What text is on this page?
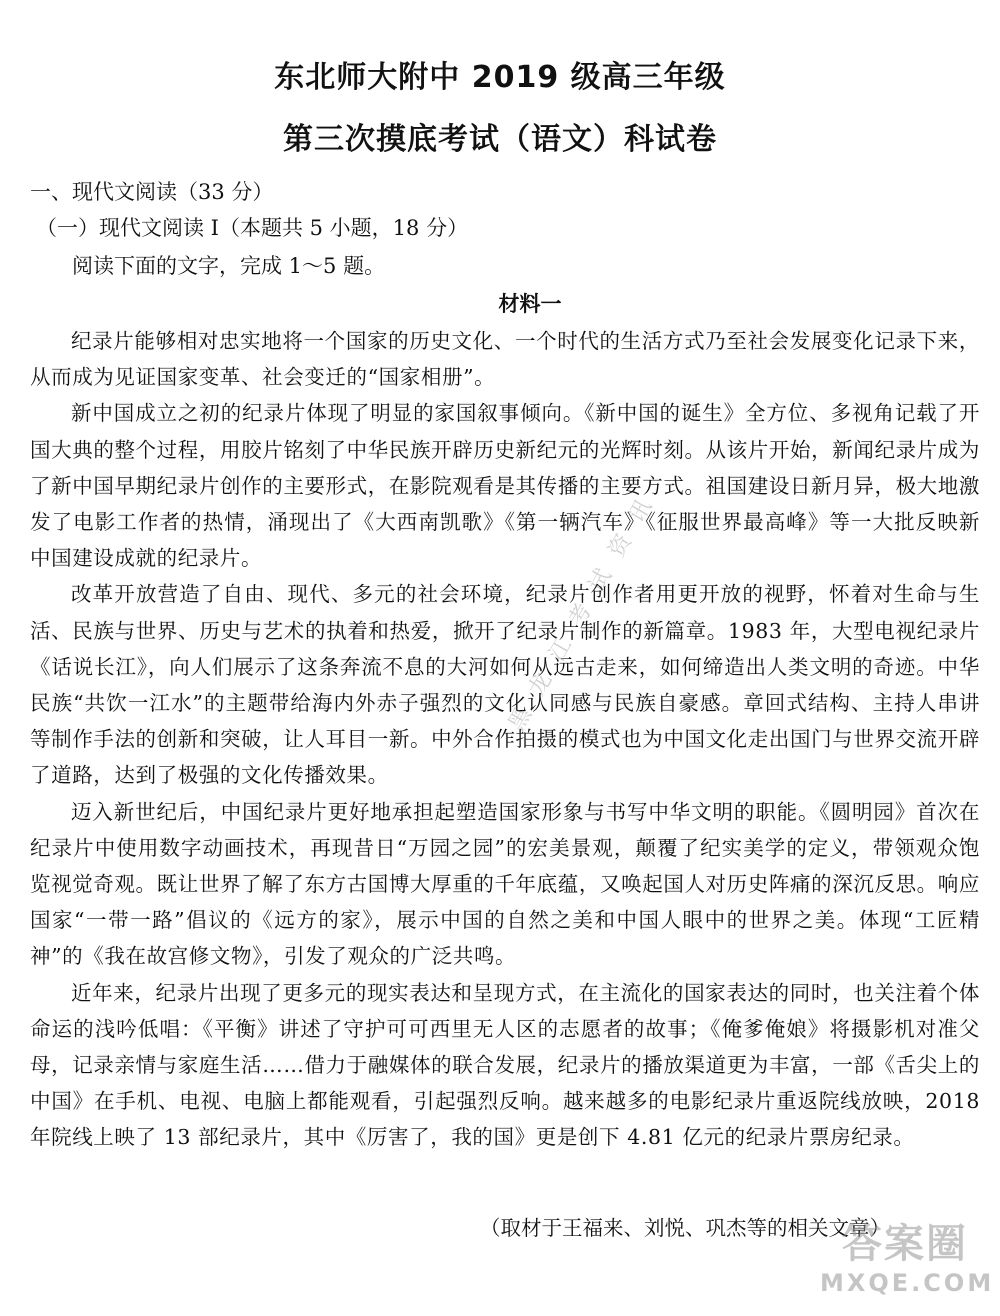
东北师大附中 2019 级高三年级
第三次摸底考试（语文）科试卷
一、现代文阅读（33 分）
（一）现代文阅读 I（本题共 5 小题，18 分）
阅读下面的文字，完成 1～5 题。
材料一

纪录片能够相对忠实地将一个国家的历史文化、一个时代的生活方式乃至社会发展变化记录下来，从而成为见证国家变革、社会变迁的“国家相册”。

新中国成立之初的纪录片体现了明显的家国叙事倾向。《新中国的诞生》全方位、多视角记载了开国大典的整个过程，用胶片铭刻了中华民族开辟历史新纪元的光辉时刻。从该片开始，新闻纪录片成为了新中国早期纪录片创作的主要形式，在影院观看是其传播的主要方式。祖国建设日新月异，极大地激发了电影工作者的热情，涌现出了《大西南凯歌》《第一辆汽车》《征服世界最高峰》等一大批反映新中国建设成就的纪录片。

改革开放营造了自由、现代、多元的社会环境，纪录片创作者用更开放的视野，怀着对生命与生活、民族与世界、历史与艺术的执着和热爱，掀开了纪录片制作的新篇章。1983 年，大型电视纪录片《话说长江》，向人们展示了这条奔流不息的大河如何从远古走来，如何缔造出人类文明的奇迹。中华民族“共饮一江水”的主题带给海内外赤子强烈的文化认同感与民族自豪感。章回式结构、主持人串讲等制作手法的创新和突破，让人耳目一新。中外合作拍摄的模式也为中国文化走出国门与世界交流开辟了道路，达到了极强的文化传播效果。

迈入新世纪后，中国纪录片更好地承担起塑造国家形象与书写中华文明的职能。《圆明园》首次在纪录片中使用数字动画技术，再现昔日“万园之园”的宏美景观，颠覆了纪实美学的定义，带领观众饱览视觉奇观。既让世界了解了东方古国博大厚重的千年底蕴，又唤起国人对历史阵痛的深沉反思。响应国家“一带一路”倡议的《远方的家》，展示中国的自然之美和中国人眼中的世界之美。体现“工匠精神”的《我在故宫修文物》，引发了观众的广泛共鸣。

近年来，纪录片出现了更多元的现实表达和呈现方式，在主流化的国家表达的同时，也关注着个体命运的浅吟低唱：《平衡》讲述了守护可可西里无人区的志愿者的故事；《俺爹俺娘》将摄影机对准父母，记录亲情与家庭生活……借力于融媒体的联合发展，纪录片的播放渠道更为丰富，一部《舌尖上的中国》在手机、电视、电脑上都能观看，引起强烈反响。越来越多的电影纪录片重返院线放映，2018 年院线上映了 13 部纪录片，其中《厉害了，我的国》更是创下 4.81 亿元的纪录片票房纪录。

（取材于王福来、刘悦、巩杰等的相关文章）
黑龙江考试资讯
答案圈
MXQE.COM
